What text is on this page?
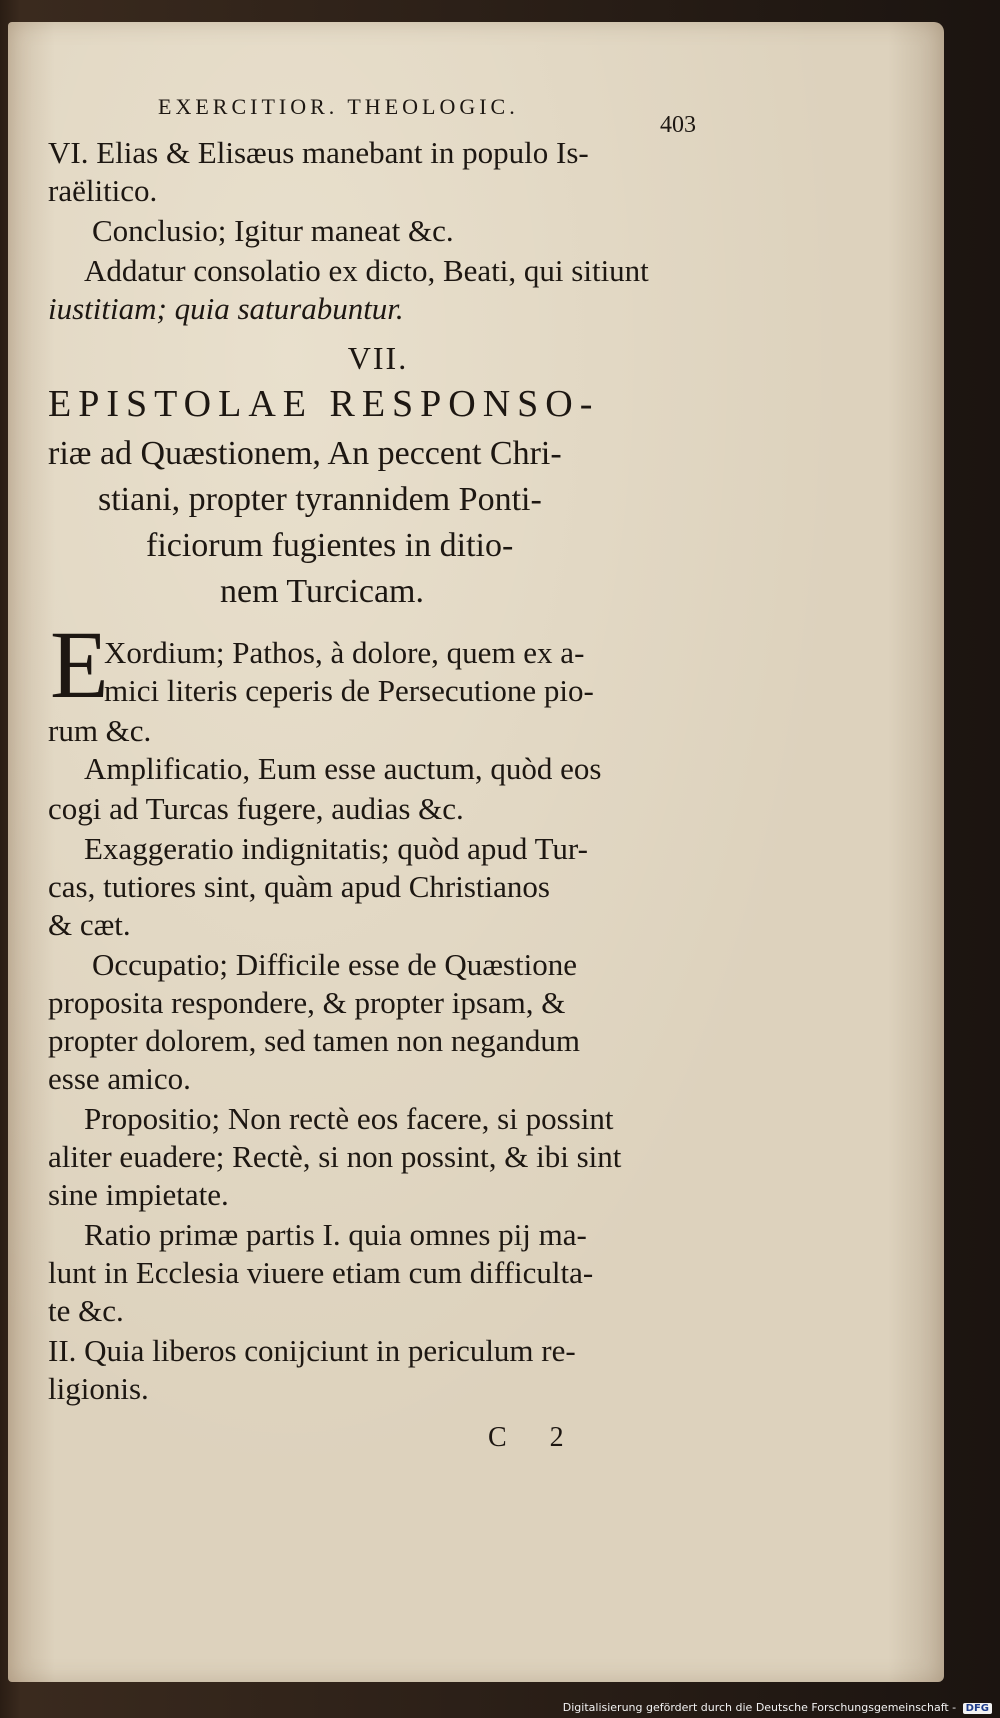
EXERCITIOR. THEOLOGIC.
403
VI. Elias & Elisæus manebant in populo Is-
raëlitico.
Conclusio; Igitur maneat &c.
Addatur consolatio ex dicto, Beati, qui sitiunt
iustitiam; quia saturabuntur.
VII.
EPISTOLAE RESPONSO-
riæ ad Quæstionem, An peccent Chri-
stiani, propter tyrannidem Ponti-
ficiorum fugientes in ditio-
nem Turcicam.
E
Xordium; Pathos, à dolore, quem ex a-
mici literis ceperis de Persecutione pio-
rum &c.
Amplificatio, Eum esse auctum, quòd eos
cogi ad Turcas fugere, audias &c.
Exaggeratio indignitatis; quòd apud Tur-
cas, tutiores sint, quàm apud Christianos
& cæt.
Occupatio; Difficile esse de Quæstione
proposita respondere, & propter ipsam, &
propter dolorem, sed tamen non negandum
esse amico.
Propositio; Non rectè eos facere, si possint
aliter euadere; Rectè, si non possint, & ibi sint
sine impietate.
Ratio primæ partis I. quia omnes pij ma-
lunt in Ecclesia viuere etiam cum difficulta-
te &c.
II. Quia liberos conijciunt in periculum re-
ligionis.
C 2
Digitalisierung gefördert durch die Deutsche Forschungsgemeinschaft - DFG
